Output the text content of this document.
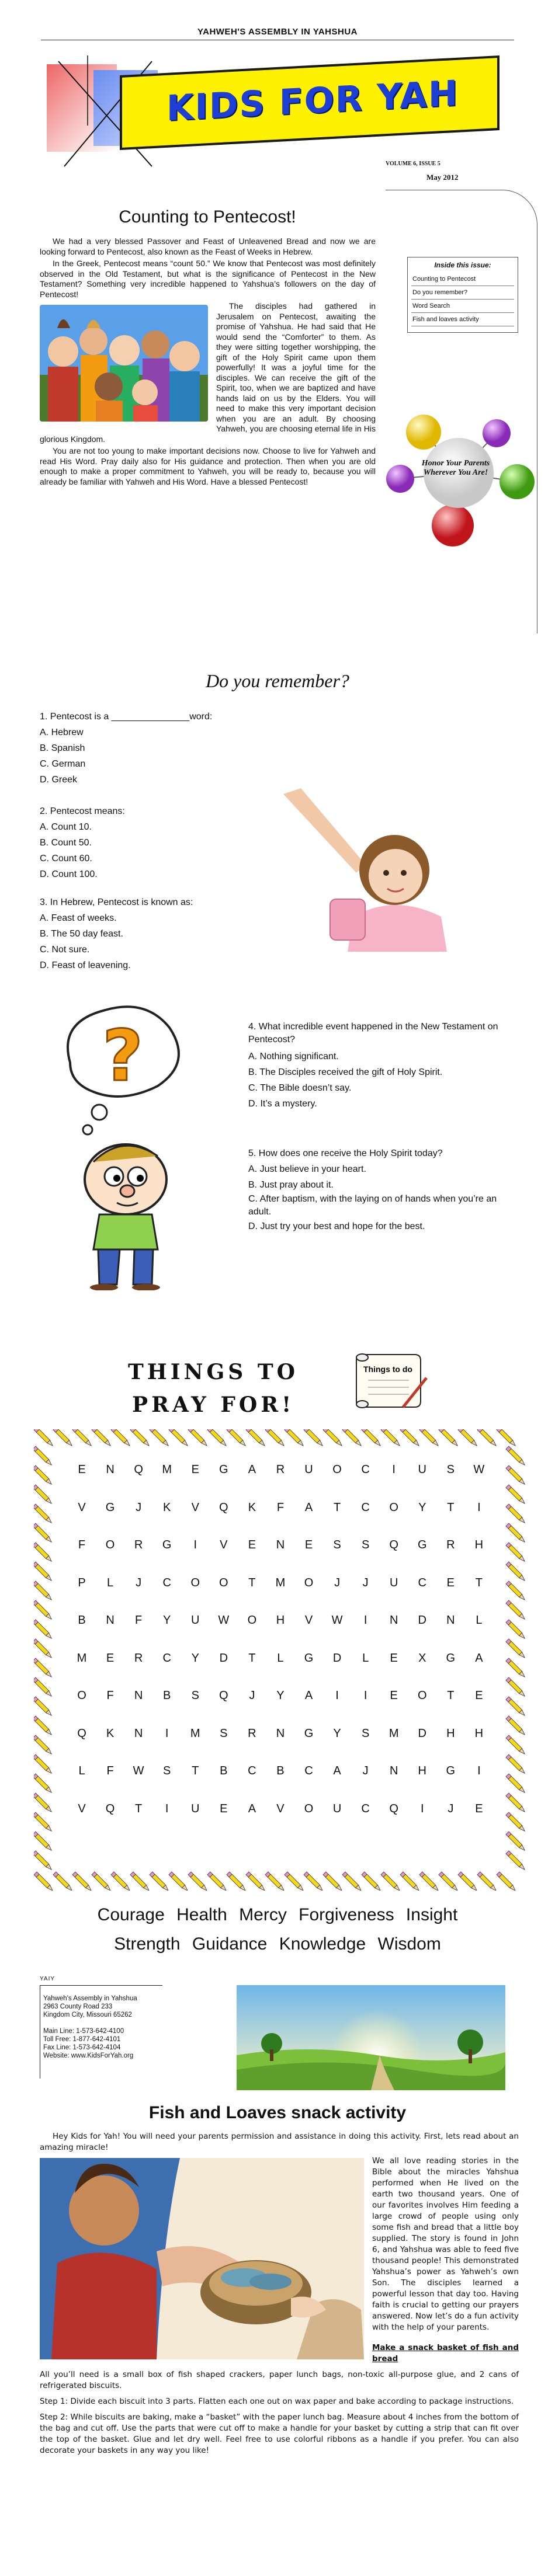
YAHWEH'S ASSEMBLY IN YAHSHUA
KIDS FOR YAH
VOLUME 6, ISSUE 5
May 2012
Counting to Pentecost!

We had a very blessed Passover and Feast of Unleavened Bread and now we are looking forward to Pentecost, also known as the Feast of Weeks in Hebrew.

In the Greek, Pentecost means “count 50.” We know that Pentecost was most definitely observed in the Old Testament, but what is the significance of Pentecost in the New Testament? Something very incredible happened to Yahshua’s followers on the day of Pentecost!

The disciples had gathered in Jerusalem on Pentecost, awaiting the promise of Yahshua. He had said that He would send the “Comforter” to them. As they were sitting together worshipping, the gift of the Holy Spirit came upon them powerfully! It was a joyful time for the disciples. We can receive the gift of the Spirit, too, when we are baptized and have hands laid on us by the Elders. You will need to make this very important decision when you are an adult. By choosing Yahweh, you are choosing eternal life in His glorious Kingdom.

You are not too young to make important decisions now. Choose to live for Yahweh and read His Word. Pray daily also for His guidance and protection. Then when you are old enough to make a proper commitment to Yahweh, you will be ready to, because you will already be familiar with Yahweh and His Word. Have a blessed Pentecost!

Inside this issue:
Counting to Pentecost
Do you remember?
Word Search
Fish and loaves activity
Honor Your Parents Wherever You Are!
Do you remember?
1. Pentecost is a _______________word:
A. Hebrew
B. Spanish
C. German
D. Greek
2. Pentecost means:
A. Count 10.
B. Count 50.
C. Count 60.
D. Count 100.
3. In Hebrew, Pentecost is known as:
A. Feast of weeks.
B. The 50 day feast.
C. Not sure.
D. Feast of leavening.
4. What incredible event happened in the New Testament on Pentecost?
A. Nothing significant.
B. The Disciples received the gift of Holy Spirit.
C. The Bible doesn’t say.
D. It’s a mystery.
5. How does one receive the Holy Spirit today?
A. Just believe in your heart.
B. Just pray about it.
C. After baptism, with the laying on of hands when you’re an adult.
D. Just try your best and hope for the best.
?
THINGS TO
PRAY FOR!
Things to do
E	N	Q	M	E	G	A	R	U	O	C	I	U	S	W
V	G	J	K	V	Q	K	F	A	T	C	O	Y	T	I
F	O	R	G	I	V	E	N	E	S	S	Q	G	R	H
P	L	J	C	O	O	T	M	O	J	J	U	C	E	T
B	N	F	Y	U	W	O	H	V	W	I	N	D	N	L
M	E	R	C	Y	D	T	L	G	D	L	E	X	G	A
O	F	N	B	S	Q	J	Y	A	I	I	E	O	T	E
Q	K	N	I	M	S	R	N	G	Y	S	M	D	H	H
L	F	W	S	T	B	C	B	C	A	J	N	H	G	I
V	Q	T	I	U	E	A	V	O	U	C	Q	I	J	E
Courage Health Mercy Forgiveness Insight
Strength Guidance Knowledge Wisdom
YAIY
Yahweh's Assembly in Yahshua
2963 County Road 233
Kingdom City, Missouri 65262
Main Line: 1-573-642-4100
Toll Free: 1-877-642-4101
Fax Line: 1-573-642-4104
Website: www.KidsForYah.org
Fish and Loaves snack activity

Hey Kids for Yah! You will need your parents permission and assistance in doing this activity. First, lets read about an amazing miracle!

We all love reading stories in the Bible about the miracles Yahshua performed when He lived on the earth two thousand years. One of our favorites involves Him feeding a large crowd of people using only some fish and bread that a little boy supplied. The story is found in John 6, and Yahshua was able to feed five thousand people! This demonstrated Yahshua’s power as Yahweh’s own Son. The disciples learned a powerful lesson that day too. Having faith is crucial to getting our prayers answered. Now let’s do a fun activity with the help of your parents.

Make a snack basket of fish and bread

All you’ll need is a small box of fish shaped crackers, paper lunch bags, non-toxic all-purpose glue, and 2 cans of refrigerated biscuits.

Step 1: Divide each biscuit into 3 parts. Flatten each one out on wax paper and bake according to package instructions.

Step 2: While biscuits are baking, make a “basket” with the paper lunch bag. Measure about 4 inches from the bottom of the bag and cut off. Use the parts that were cut off to make a handle for your basket by cutting a strip that can fit over the top of the basket. Glue and let dry well. Feel free to use colorful ribbons as a handle if you prefer. You can also decorate your baskets in any way you like!
